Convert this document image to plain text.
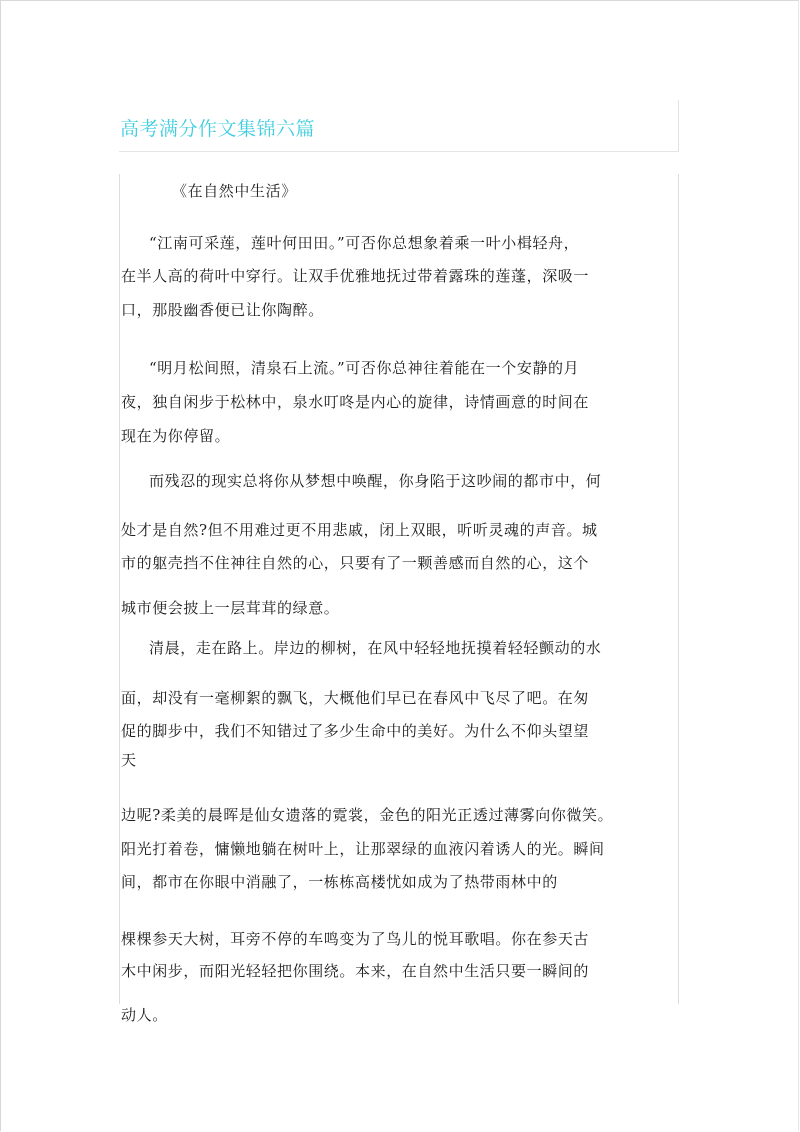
高考满分作文集锦六篇
《在自然中生活》
“江南可采莲，莲叶何田田。”可否你总想象着乘一叶小楫轻舟，
在半人高的荷叶中穿行。让双手优雅地抚过带着露珠的莲蓬，深吸一
口，那股幽香便已让你陶醉。
“明月松间照，清泉石上流。”可否你总神往着能在一个安静的月
夜，独自闲步于松林中，泉水叮咚是内心的旋律，诗情画意的时间在
现在为你停留。
而残忍的现实总将你从梦想中唤醒，你身陷于这吵闹的都市中，何
处才是自然?但不用难过更不用悲戚，闭上双眼，听听灵魂的声音。城
市的躯壳挡不住神往自然的心，只要有了一颗善感而自然的心，这个
城市便会披上一层茸茸的绿意。
清晨，走在路上。岸边的柳树，在风中轻轻地抚摸着轻轻颤动的水
面，却没有一毫柳絮的飘飞，大概他们早已在春风中飞尽了吧。在匆
促的脚步中，我们不知错过了多少生命中的美好。为什么不仰头望望
天
边呢?柔美的晨晖是仙女遗落的霓裳，金色的阳光正透过薄雾向你微笑。
阳光打着卷，慵懒地躺在树叶上，让那翠绿的血液闪着诱人的光。瞬间
间，都市在你眼中消融了，一栋栋高楼忧如成为了热带雨林中的
棵棵参天大树，耳旁不停的车鸣变为了鸟儿的悦耳歌唱。你在参天古
木中闲步，而阳光轻轻把你围绕。本来，在自然中生活只要一瞬间的
动人。
